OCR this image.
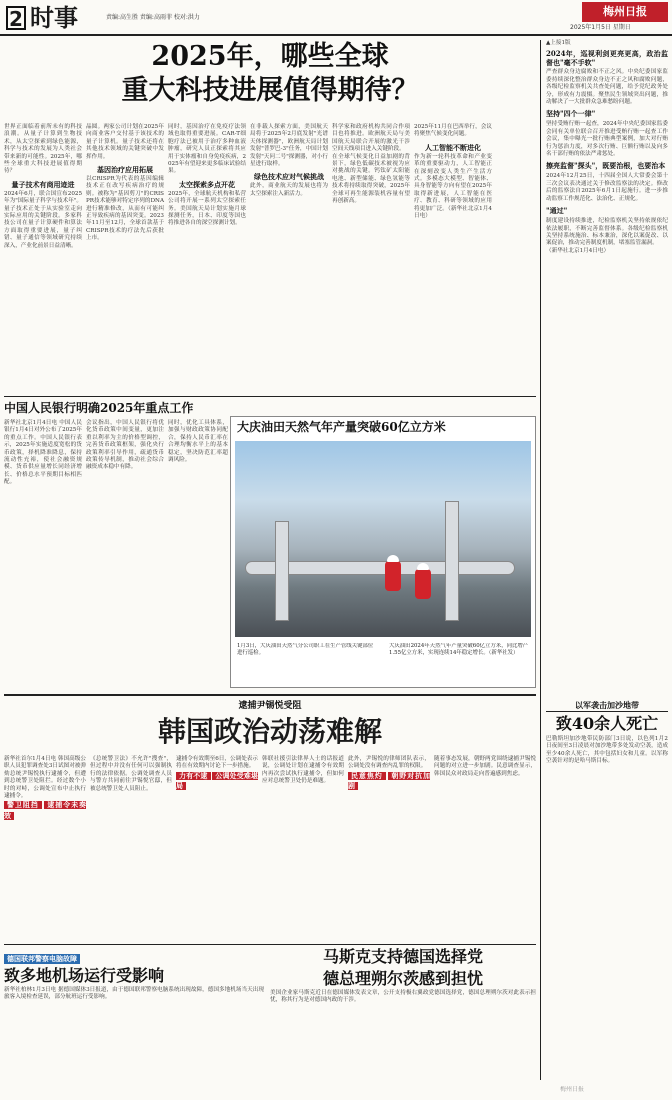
2 时事	责编:高生胜 责编:高雨菲 校对:洪力	梅州日报
2025年1月5日 星期日
2025年，哪些全球
重大科技进展值得期待？
世界正面临着前所未有的科技浪潮。从量子计算到生物技术，从太空探索到绿色能源，科学与技术的发展为人类社会带来新的可能性。2025年，哪些全球重大科技进展值得期待？
量子技术有商用迹进
2024年6月，联合国宣布2025年为"国际量子科学与技术年"。量子技术正处于从实验室走向实际应用的关键阶段。多家科技公司在量子计算硬件和算法方面取得重要进展，量子纠错、量子通信等领域研究持续深入，产业化前景日益清晰。
晶圆。两家公司计划在2025年向商业客户交付基于该技术的量子计算机。量子技术还将在其他技术领域的关键突破中发挥作用。
基因治疗应用拓展
以CRISPR为代表的基因编辑技术正在改写疾病治疗的规则。被称为"基因剪刀"的CRISPR技术能够对特定序列的DNA进行精准修改，从而有可能纠正导致疾病的基因突变。2023年11月至12月，全球首款基于CRISPR技术的疗法先后获批上市。
同时，基因治疗在免疫疗法领域也取得重要进展。CAR-T细胞疗法已被用于治疗多种血液肿瘤，研究人员正探索将其应用于实体瘤和自身免疫疾病，2025年有望迎来更多临床试验结果。
太空探索多点开花
2025年，全球航天机构和私营公司将开展一系列太空探索任务。美国航天局计划实施月球探测任务，日本、印度等国也将推进各自的深空探测计划。
在非载人探索方面，美国航天局将于2025年2月底发射"光谱天体探测器"，欧洲航天局计划发射"普罗巴-3"任务，中国计划发射"天问二号"探测器，对小行星进行取样。
绿色技术应对气候挑战
此外，商业航天的发展也将为太空探索注入新活力。
科学家和政府机构共同合作项目也将推进。欧洲航天局与美国航天局联合开展的激光干涉空间天线项目进入关键阶段。
在全球气候变化日益加剧的背景下，绿色低碳技术被视为应对挑战的关键。钙钛矿太阳能电池、新型储能、绿色氢能等技术将持续取得突破，2025年全球可再生能源装机容量有望再创新高。
2025年11月在巴西举行，会议将聚焦气候变化问题。
人工智能不断进化
作为新一轮科技革命和产业变革的重要驱动力，人工智能正在深刻改变人类生产生活方式。多模态大模型、智能体、具身智能等方向有望在2025年取得新进展，人工智能在医疗、教育、科研等领域的应用将更加广泛。（新华社北京1月4日电）
▲上接1版
2024年，巡视利剑更亮更高，政治监督也"毫不手软"
严查群众身边腐败和不正之风。中央纪委国家监委持续深化整治群众身边不正之风和腐败问题，各级纪检监察机关共查处问题，给予党纪政务处分，形成有力震慑。聚焦民生领域突出问题，推动解决了一大批群众急难愁盼问题。
坚持"四个一律"
坚持受贿行贿一起查，2024年中央纪委国家监委会同有关单位联合召开推进受贿行贿一起查工作会议，集中曝光一批行贿典型案例，加大对行贿行为惩治力度，对多次行贿、巨额行贿以及向多名干部行贿的依法严肃惩处。
擦亮监督"探头"，既要治根，也要治本
2024年12月25日，十四届全国人大常委会第十三次会议表决通过关于修改监察法的决定。修改后的监察法自2025年6月1日起施行。进一步推动监察工作规范化、法治化、正规化。
"通过"
制度建设持续推进，纪检监察机关坚持依规依纪依法履职，不断完善监督体系。各级纪检监察机关坚持系统施治、标本兼治，深化以案促改、以案促治，推动完善制度机制，堵塞监管漏洞。
（新华社北京1月4日电）
中国人民银行明确2025年重点工作
新华社北京1月4日电 中国人民银行1月4日对外公布了2025年的重点工作。中国人民银行表示，2025年实施适度宽松的货币政策，择机降准降息，保持流动性充裕，使社会融资规模、货币供应量增长同经济增长、价格总水平预期目标相匹配。
会议指出，中国人民银行将优化货币政策中间变量，更加注重以利率为主的价格型调控，完善货币政策框架，强化央行政策利率引导作用，疏通货币政策传导机制，推动社会综合融资成本稳中有降。
同时，优化工具体系，加强与财政政策协同配合，保持人民币汇率在合理均衡水平上的基本稳定，坚决防范汇率超调风险。
大庆油田天然气年产量突破60亿立方米
1月3日，大庆油田天然气分公司职工在生产管线关键部位进行巡检。
大庆油田2024年天然气年产量突破60亿立方米，同比增产1.55亿立方米，实现连续14年稳定增长。（新华社发）
逮捕尹锡悦受阻
韩国政治动荡难解
新华社首尔1月4日电 韩国高级公职人员犯罪调查处3日试图对被弹劾总统尹锡悦执行逮捕令，但遭到总统警卫处阻拦。经过数个小时的对峙，公调处宣布中止执行逮捕令。
警卫阻挡 逮捕令未奏效
《总统警卫法》不允许"搜查"，但过程中并没有任何可以强制执行的法律依据。公调处调查人员与警方共同前往尹锡悦官邸，但被总统警卫处人员阻止。
逮捕令有效期至6日，公调处表示将在有效期内讨论下一步措施。
力有不逮 公调处受难堪局
韩联社援引法律界人士的话报道说，公调处计划在逮捕令有效期内再次尝试执行逮捕令，但如何应对总统警卫处仍是难题。
此外，尹锡悦的律师团队表示，公调处没有调查内乱罪的权限。
民意焦灼 朝野对抗加剧
随着事态发展，朝野两党围绕逮捕尹锡悦问题的对立进一步加剧。民意调查显示，韩国民众对政局走向普遍感到焦虑。
以军袭击加沙地带
致40余人死亡
巴勒斯坦加沙地带民防部门3日说，以色列1月2日夜间至3日凌晨对加沙地带多处发动空袭，造成至少40余人死亡，其中包括妇女和儿童。以军称空袭针对的是哈马斯目标。
德国联邦警察电脑故障
致多地机场运行受影响
新华社柏林1月3日电 据德国媒体3日报道，由于德国联邦警察电脑系统出现故障，德国多地机场当天出现旅客入境检查延误，部分航班运行受影响。
马斯克支持德国选择党
德总理朔尔茨感到担忧
美国企业家马斯克近日在德国媒体发表文章，公开支持极右翼政党德国选择党，德国总理朔尔茨对此表示担忧，称其行为是对德国内政的干涉。
梅州日报
